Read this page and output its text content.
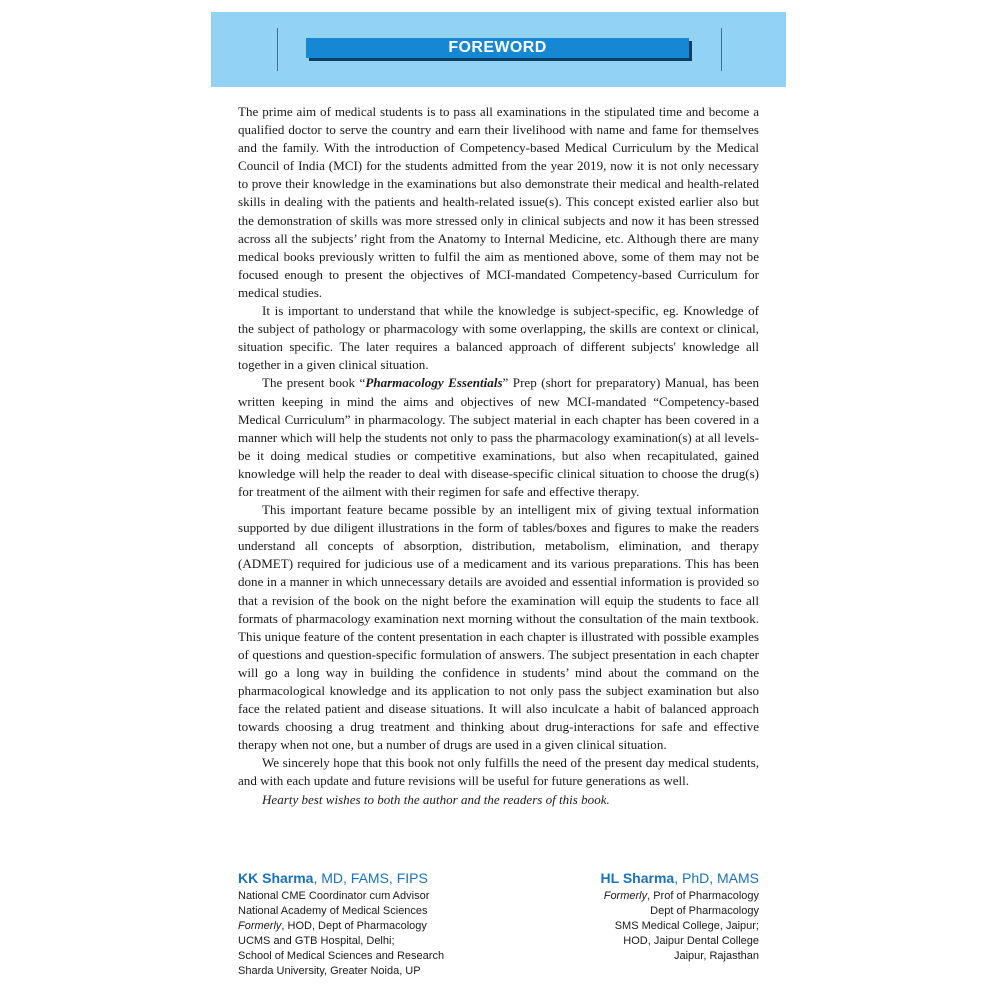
FOREWORD

The prime aim of medical students is to pass all examinations in the stipulated time and become a qualified doctor to serve the country and earn their livelihood with name and fame for themselves and the family. With the introduction of Competency-based Medical Curriculum by the Medical Council of India (MCI) for the students admitted from the year 2019, now it is not only necessary to prove their knowledge in the examinations but also demonstrate their medical and health-related skills in dealing with the patients and health-related issue(s). This concept existed earlier also but the demonstration of skills was more stressed only in clinical subjects and now it has been stressed across all the subjects’ right from the Anatomy to Internal Medicine, etc. Although there are many medical books previously written to fulfil the aim as mentioned above, some of them may not be focused enough to present the objectives of MCI-mandated Competency-based Curriculum for medical studies.

It is important to understand that while the knowledge is subject-specific, eg. Knowledge of the subject of pathology or pharmacology with some overlapping, the skills are context or clinical, situation specific. The later requires a balanced approach of different subjects' knowledge all together in a given clinical situation.

The present book “Pharmacology Essentials” Prep (short for preparatory) Manual, has been written keeping in mind the aims and objectives of new MCI-mandated “Competency-based Medical Curriculum” in pharmacology. The subject material in each chapter has been covered in a manner which will help the students not only to pass the pharmacology examination(s) at all levels- be it doing medical studies or competitive examinations, but also when recapitulated, gained knowledge will help the reader to deal with disease-specific clinical situation to choose the drug(s) for treatment of the ailment with their regimen for safe and effective therapy.

This important feature became possible by an intelligent mix of giving textual information supported by due diligent illustrations in the form of tables/boxes and figures to make the readers understand all concepts of absorption, distribution, metabolism, elimination, and therapy (ADMET) required for judicious use of a medicament and its various preparations. This has been done in a manner in which unnecessary details are avoided and essential information is provided so that a revision of the book on the night before the examination will equip the students to face all formats of pharmacology examination next morning without the consultation of the main textbook. This unique feature of the content presentation in each chapter is illustrated with possible examples of questions and question-specific formulation of answers. The subject presentation in each chapter will go a long way in building the confidence in students’ mind about the command on the pharmacological knowledge and its application to not only pass the subject examination but also face the related patient and disease situations. It will also inculcate a habit of balanced approach towards choosing a drug treatment and thinking about drug-interactions for safe and effective therapy when not one, but a number of drugs are used in a given clinical situation.

We sincerely hope that this book not only fulfills the need of the present day medical students, and with each update and future revisions will be useful for future generations as well.

Hearty best wishes to both the author and the readers of this book.

KK Sharma, MD, FAMS, FIPS
National CME Coordinator cum Advisor
National Academy of Medical Sciences
Formerly, HOD, Dept of Pharmacology
UCMS and GTB Hospital, Delhi;
School of Medical Sciences and Research
Sharda University, Greater Noida, UP
HL Sharma, PhD, MAMS
Formerly, Prof of Pharmacology
Dept of Pharmacology
SMS Medical College, Jaipur;
HOD, Jaipur Dental College
Jaipur, Rajasthan
